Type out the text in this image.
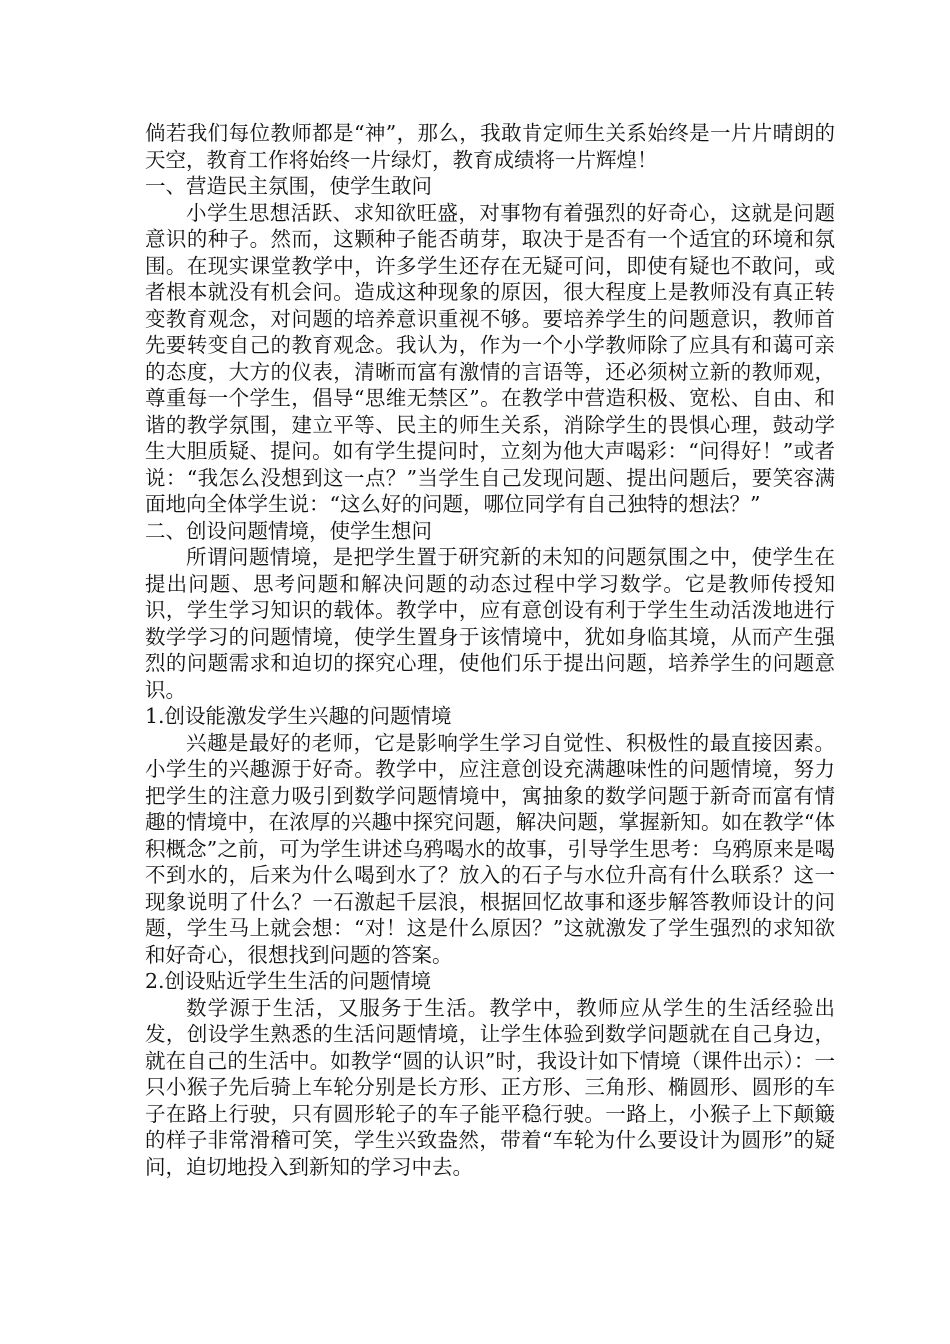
倘若我们每位教师都是“神”，那么，我敢肯定师生关系始终是一片片晴朗的天空，教育工作将始终一片绿灯，教育成绩将一片辉煌！

一、营造民主氛围，使学生敢问

小学生思想活跃、求知欲旺盛，对事物有着强烈的好奇心，这就是问题意识的种子。然而，这颗种子能否萌芽，取决于是否有一个适宜的环境和氛围。在现实课堂教学中，许多学生还存在无疑可问，即使有疑也不敢问，或者根本就没有机会问。造成这种现象的原因，很大程度上是教师没有真正转变教育观念，对问题的培养意识重视不够。要培养学生的问题意识，教师首先要转变自己的教育观念。我认为，作为一个小学教师除了应具有和蔼可亲的态度，大方的仪表，清晰而富有激情的言语等，还必须树立新的教师观，尊重每一个学生，倡导“思维无禁区”。在教学中营造积极、宽松、自由、和谐的教学氛围，建立平等、民主的师生关系，消除学生的畏惧心理，鼓动学生大胆质疑、提问。如有学生提问时，立刻为他大声喝彩：“问得好！”或者说：“我怎么没想到这一点？”当学生自己发现问题、提出问题后，要笑容满面地向全体学生说：“这么好的问题，哪位同学有自己独特的想法？”

二、创设问题情境，使学生想问

所谓问题情境，是把学生置于研究新的未知的问题氛围之中，使学生在提出问题、思考问题和解决问题的动态过程中学习数学。它是教师传授知识，学生学习知识的载体。教学中，应有意创设有利于学生生动活泼地进行数学学习的问题情境，使学生置身于该情境中，犹如身临其境，从而产生强烈的问题需求和迫切的探究心理，使他们乐于提出问题，培养学生的问题意识。

1.创设能激发学生兴趣的问题情境

兴趣是最好的老师，它是影响学生学习自觉性、积极性的最直接因素。小学生的兴趣源于好奇。教学中，应注意创设充满趣味性的问题情境，努力把学生的注意力吸引到数学问题情境中，寓抽象的数学问题于新奇而富有情趣的情境中，在浓厚的兴趣中探究问题，解决问题，掌握新知。如在教学“体积概念”之前，可为学生讲述乌鸦喝水的故事，引导学生思考：乌鸦原来是喝不到水的，后来为什么喝到水了？放入的石子与水位升高有什么联系？这一现象说明了什么？一石激起千层浪，根据回忆故事和逐步解答教师设计的问题，学生马上就会想：“对！这是什么原因？”这就激发了学生强烈的求知欲和好奇心，很想找到问题的答案。

2.创设贴近学生生活的问题情境

数学源于生活，又服务于生活。教学中，教师应从学生的生活经验出发，创设学生熟悉的生活问题情境，让学生体验到数学问题就在自己身边，就在自己的生活中。如教学“圆的认识”时，我设计如下情境（课件出示）：一只小猴子先后骑上车轮分别是长方形、正方形、三角形、椭圆形、圆形的车子在路上行驶，只有圆形轮子的车子能平稳行驶。一路上，小猴子上下颠簸的样子非常滑稽可笑，学生兴致盎然，带着“车轮为什么要设计为圆形”的疑问，迫切地投入到新知的学习中去。
